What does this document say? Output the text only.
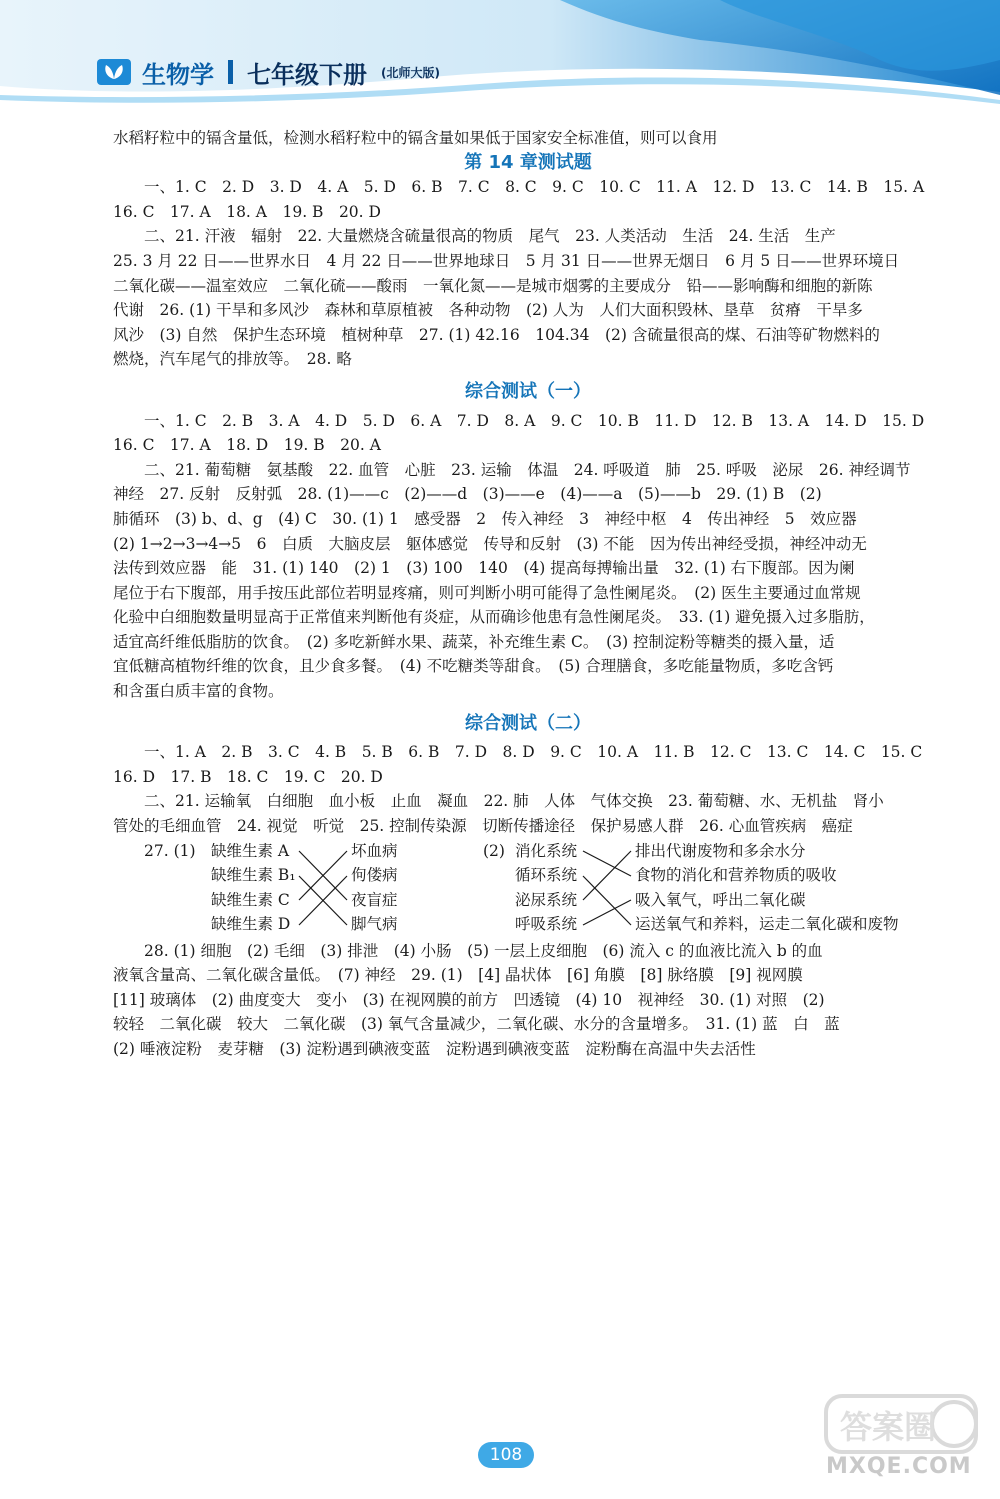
生物学 七年级下册 (北师大版)
水稻籽粒中的镉含量低，检测水稻籽粒中的镉含量如果低于国家安全标准值，则可以食用
第 14 章测试题
一、1. C　2. D　3. D　4. A　5. D　6. B　7. C　8. C　9. C　10. C　11. A　12. D　13. C　14. B　15. A
16. C　17. A　18. A　19. B　20. D
二、21. 汗液　辐射　22. 大量燃烧含硫量很高的物质　尾气　23. 人类活动　生活　24. 生活　生产
25. 3 月 22 日——世界水日　4 月 22 日——世界地球日　5 月 31 日——世界无烟日　6 月 5 日——世界环境日
二氧化碳——温室效应　二氧化硫——酸雨　一氧化氮——是城市烟雾的主要成分　铅——影响酶和细胞的新陈
代谢　26. (1) 干旱和多风沙　森林和草原植被　各种动物　(2) 人为　人们大面积毁林、垦草　贫瘠　干旱多
风沙　(3) 自然　保护生态环境　植树种草　27. (1) 42.16　104.34　(2) 含硫量很高的煤、石油等矿物燃料的
燃烧，汽车尾气的排放等。　28. 略
综合测试（一）
一、1. C　2. B　3. A　4. D　5. D　6. A　7. D　8. A　9. C　10. B　11. D　12. B　13. A　14. D　15. D
16. C　17. A　18. D　19. B　20. A
二、21. 葡萄糖　氨基酸　22. 血管　心脏　23. 运输　体温　24. 呼吸道　肺　25. 呼吸　泌尿　26. 神经调节
神经　27. 反射　反射弧　28. (1)——c　(2)——d　(3)——e　(4)——a　(5)——b　29. (1) B　(2)
肺循环　(3) b、d、g　(4) C　30. (1) 1　感受器　2　传入神经　3　神经中枢　4　传出神经　5　效应器
(2) 1→2→3→4→5　6　白质　大脑皮层　躯体感觉　传导和反射　(3) 不能　因为传出神经受损，神经冲动无
法传到效应器　能　31. (1) 140　(2) 1　(3) 100　140　(4) 提高每搏输出量　32. (1) 右下腹部。因为阑
尾位于右下腹部，用手按压此部位若明显疼痛，则可判断小明可能得了急性阑尾炎。　(2) 医生主要通过血常规
化验中白细胞数量明显高于正常值来判断他有炎症，从而确诊他患有急性阑尾炎。　33. (1) 避免摄入过多脂肪，
适宜高纤维低脂肪的饮食。　(2) 多吃新鲜水果、蔬菜，补充维生素 C。　(3) 控制淀粉等糖类的摄入量，适
宜低糖高植物纤维的饮食，且少食多餐。　(4) 不吃糖类等甜食。　(5) 合理膳食，多吃能量物质，多吃含钙
和含蛋白质丰富的食物。
综合测试（二）
一、1. A　2. B　3. C　4. B　5. B　6. B　7. D　8. D　9. C　10. A　11. B　12. C　13. C　14. C　15. C
16. D　17. B　18. C　19. C　20. D
二、21. 运输氧　白细胞　血小板　止血　凝血　22. 肺　人体　气体交换　23. 葡萄糖、水、无机盐　肾小
管处的毛细血管　24. 视觉　听觉　25. 控制传染源　切断传播途径　保护易感人群　26. 心血管疾病　癌症
27. (1) 缺维生素 A
缺维生素 B₁
缺维生素 C
缺维生素 D
坏血病
佝偻病
夜盲症
脚气病
(2) 消化系统
循环系统
泌尿系统
呼吸系统
排出代谢废物和多余水分
食物的消化和营养物质的吸收
吸入氧气，呼出二氧化碳
运送氧气和养料，运走二氧化碳和废物
28. (1) 细胞　(2) 毛细　(3) 排泄　(4) 小肠　(5) 一层上皮细胞　(6) 流入 c 的血液比流入 b 的血
液氧含量高、二氧化碳含量低。　(7) 神经　29. (1)　[4] 晶状体　[6] 角膜　[8] 脉络膜　[9] 视网膜
[11] 玻璃体　(2) 曲度变大　变小　(3) 在视网膜的前方　凹透镜　(4) 10　视神经　30. (1) 对照　(2)
较轻　二氧化碳　较大　二氧化碳　(3) 氧气含量减少，二氧化碳、水分的含量增多。　31. (1) 蓝　白　蓝
(2) 唾液淀粉　麦芽糖　(3) 淀粉遇到碘液变蓝　淀粉遇到碘液变蓝　淀粉酶在高温中失去活性
108
答案圈
MXQE.COM
